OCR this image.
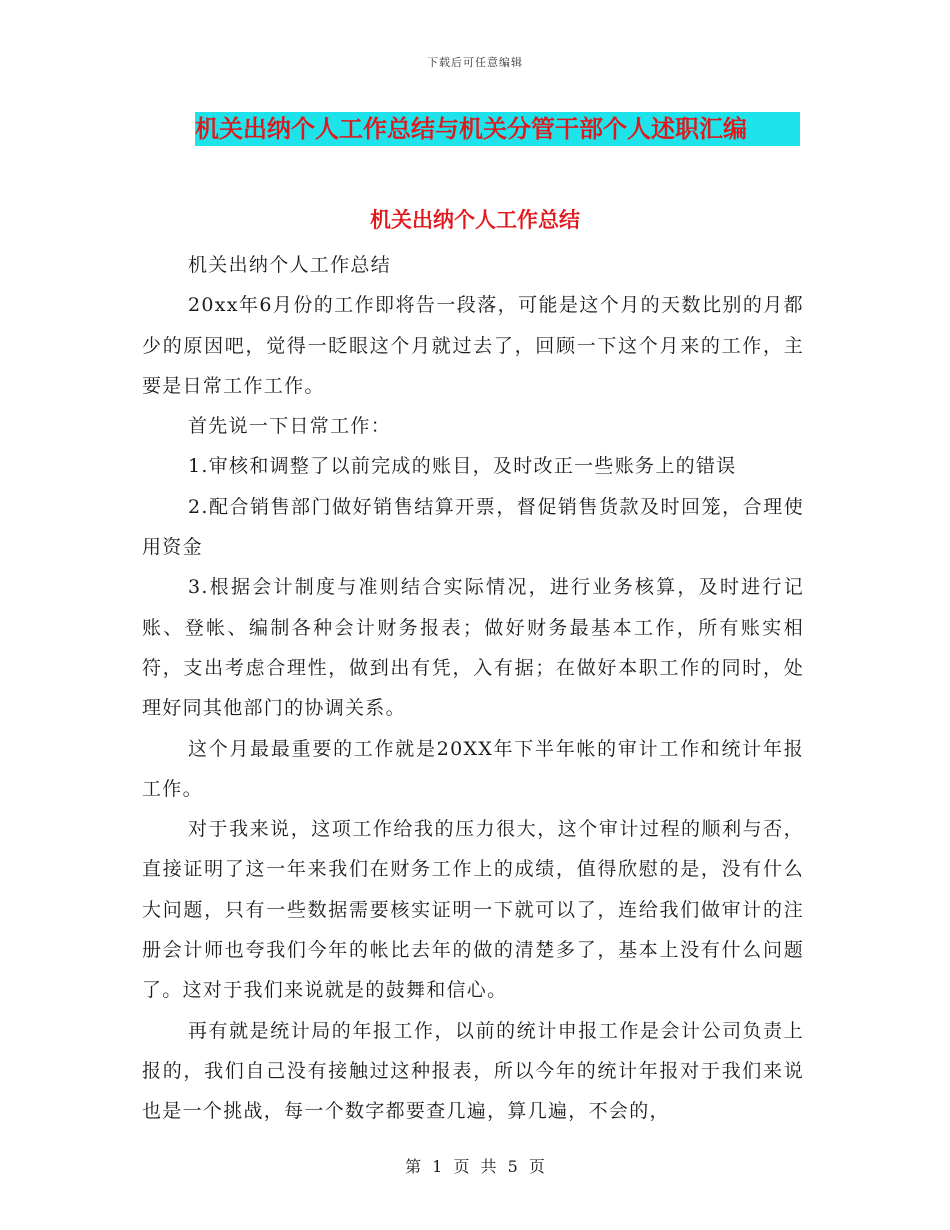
下载后可任意编辑
机关出纳个人工作总结与机关分管干部个人述职汇编
机关出纳个人工作总结

机关出纳个人工作总结

20xx年6月份的工作即将告一段落，可能是这个月的天数比别的月都少的原因吧，觉得一眨眼这个月就过去了，回顾一下这个月来的工作，主要是日常工作工作。

首先说一下日常工作：

1.审核和调整了以前完成的账目，及时改正一些账务上的错误

2.配合销售部门做好销售结算开票，督促销售货款及时回笼，合理使用资金

3.根据会计制度与准则结合实际情况，进行业务核算，及时进行记账、登帐、编制各种会计财务报表；做好财务最基本工作，所有账实相符，支出考虑合理性，做到出有凭，入有据；在做好本职工作的同时，处理好同其他部门的协调关系。

这个月最最重要的工作就是20XX年下半年帐的审计工作和统计年报工作。

对于我来说，这项工作给我的压力很大，这个审计过程的顺利与否，直接证明了这一年来我们在财务工作上的成绩，值得欣慰的是，没有什么大问题，只有一些数据需要核实证明一下就可以了，连给我们做审计的注册会计师也夸我们今年的帐比去年的做的清楚多了，基本上没有什么问题了。这对于我们来说就是的鼓舞和信心。

再有就是统计局的年报工作，以前的统计申报工作是会计公司负责上报的，我们自己没有接触过这种报表，所以今年的统计年报对于我们来说也是一个挑战，每一个数字都要查几遍，算几遍，不会的，

第 1 页 共 5 页
